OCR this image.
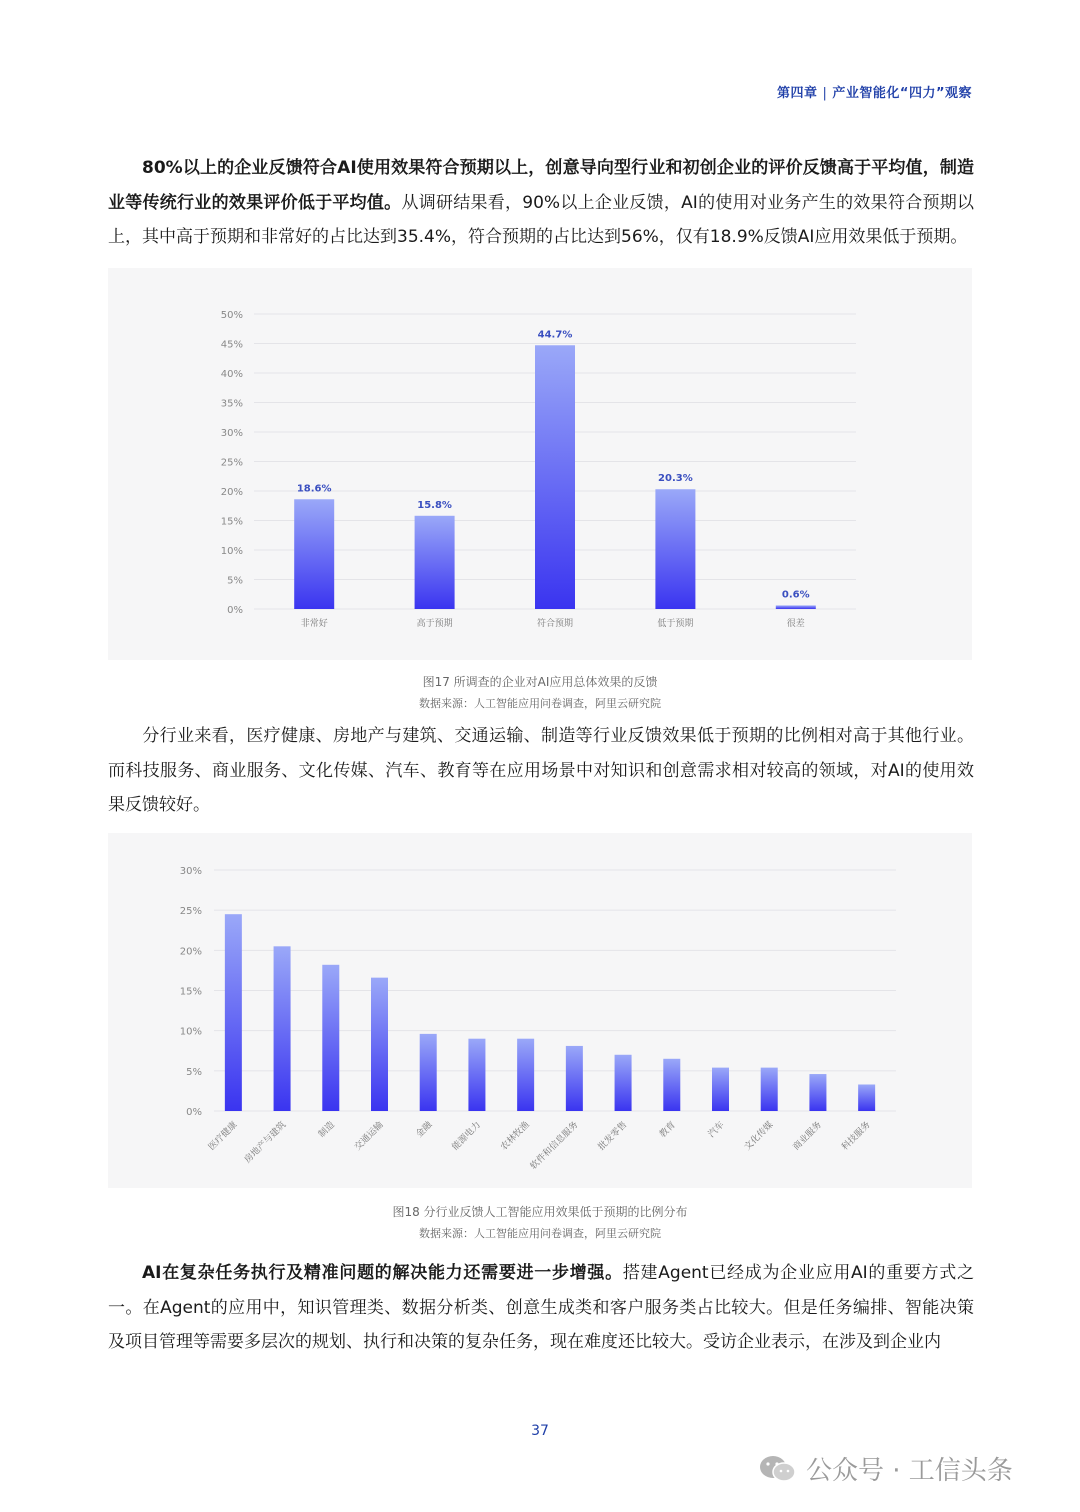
第四章 | 产业智能化“四力”观察
80%以上的企业反馈符合AI使用效果符合预期以上，创意导向型行业和初创企业的评价反馈高于平均值，制造业等传统行业的效果评价低于平均值。从调研结果看，90%以上企业反馈，AI的使用对业务产生的效果符合预期以上，其中高于预期和非常好的占比达到35.4%，符合预期的占比达到56%，仅有18.9%反馈AI应用效果低于预期。
0%
5%
10%
15%
20%
25%
30%
35%
40%
45%
50%
18.6%
非常好
15.8%
高于预期
44.7%
符合预期
20.3%
低于预期
0.6%
很差
图17 所调查的企业对AI应用总体效果的反馈
数据来源：人工智能应用问卷调查，阿里云研究院
分行业来看，医疗健康、房地产与建筑、交通运输、制造等行业反馈效果低于预期的比例相对高于其他行业。而科技服务、商业服务、文化传媒、汽车、教育等在应用场景中对知识和创意需求相对较高的领域，对AI的使用效果反馈较好。
0%
5%
10%
15%
20%
25%
30%
医疗健康 房地产与建筑	制造 交通运输	金融 能源电力 农林牧渔
软件和信息服务 批发零售	教育	汽车 文化传媒 商业服务 科技服务
图18 分行业反馈人工智能应用效果低于预期的比例分布
数据来源：人工智能应用问卷调查，阿里云研究院
AI在复杂任务执行及精准问题的解决能力还需要进一步增强。搭建Agent已经成为企业应用AI的重要方式之一。在Agent的应用中，知识管理类、数据分析类、创意生成类和客户服务类占比较大。但是任务编排、智能决策及项目管理等需要多层次的规划、执行和决策的复杂任务，现在难度还比较大。受访企业表示，在涉及到企业内
37
公众号 · 工信头条
